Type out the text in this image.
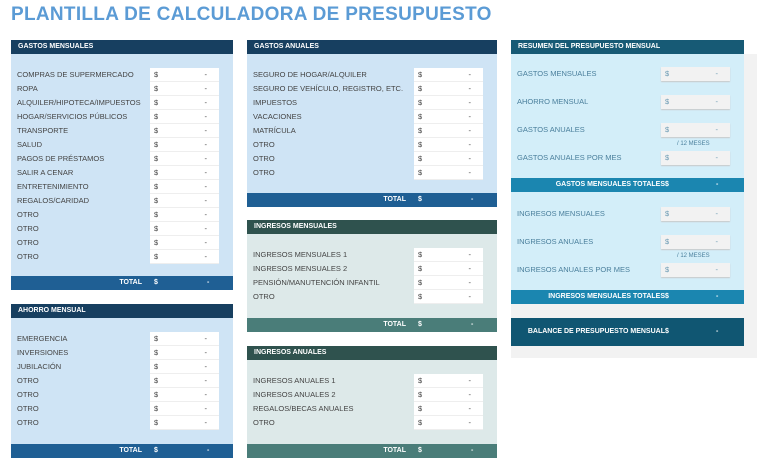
PLANTILLA DE CALCULADORA DE PRESUPUESTO
GASTOS MENSUALES
COMPRAS DE SUPERMERCADO	$	-
ROPA	$	-
ALQUILER/HIPOTECA/IMPUESTOS $	-
HOGAR/SERVICIOS PÚBLICOS	$	-
TRANSPORTE	$	-
SALUD	$	-
PAGOS DE PRÉSTAMOS	$	-
SALIR A CENAR	$	-
ENTRETENIMIENTO	$	-
REGALOS/CARIDAD	$	-
OTRO	$	-
OTRO	$	-
OTRO	$	-
OTRO	$	-
TOTAL $	-
AHORRO MENSUAL
EMERGENCIA	$	-
INVERSIONES	$	-
JUBILACIÓN	$	-
OTRO	$	-
OTRO	$	-
OTRO	$	-
OTRO	$	-
TOTAL $	-
GASTOS ANUALES
SEGURO DE HOGAR/ALQUILER	$	-
SEGURO DE VEHÍCULO, REGISTRO, ETC. $	-
IMPUESTOS	$	-
VACACIONES	$	-
MATRÍCULA	$	-
OTRO	$	-
OTRO	$	-
OTRO	$	-
TOTAL $	-
INGRESOS MENSUALES
INGRESOS MENSUALES 1	$	-
INGRESOS MENSUALES 2	$	-
PENSIÓN/MANUTENCIÓN INFANTIL	$	-
OTRO	$	-
TOTAL $	-
INGRESOS ANUALES
INGRESOS ANUALES 1	$	-
INGRESOS ANUALES 2	$	-
REGALOS/BECAS ANUALES	$	-
OTRO	$	-
TOTAL $	-
RESUMEN DEL PRESUPUESTO MENSUAL
GASTOS MENSUALES	$	-
AHORRO MENSUAL	$	-
GASTOS ANUALES	$	-
GASTOS ANUALES POR MES	$	-
/ 12 MESES
INGRESOS MENSUALES	$	-
INGRESOS ANUALES	$	-
INGRESOS ANUALES POR MES	$	-
/ 12 MESES
GASTOS MENSUALES TOTALES $	-
INGRESOS MENSUALES TOTALES $	-
BALANCE DE PRESUPUESTO MENSUAL $	-
